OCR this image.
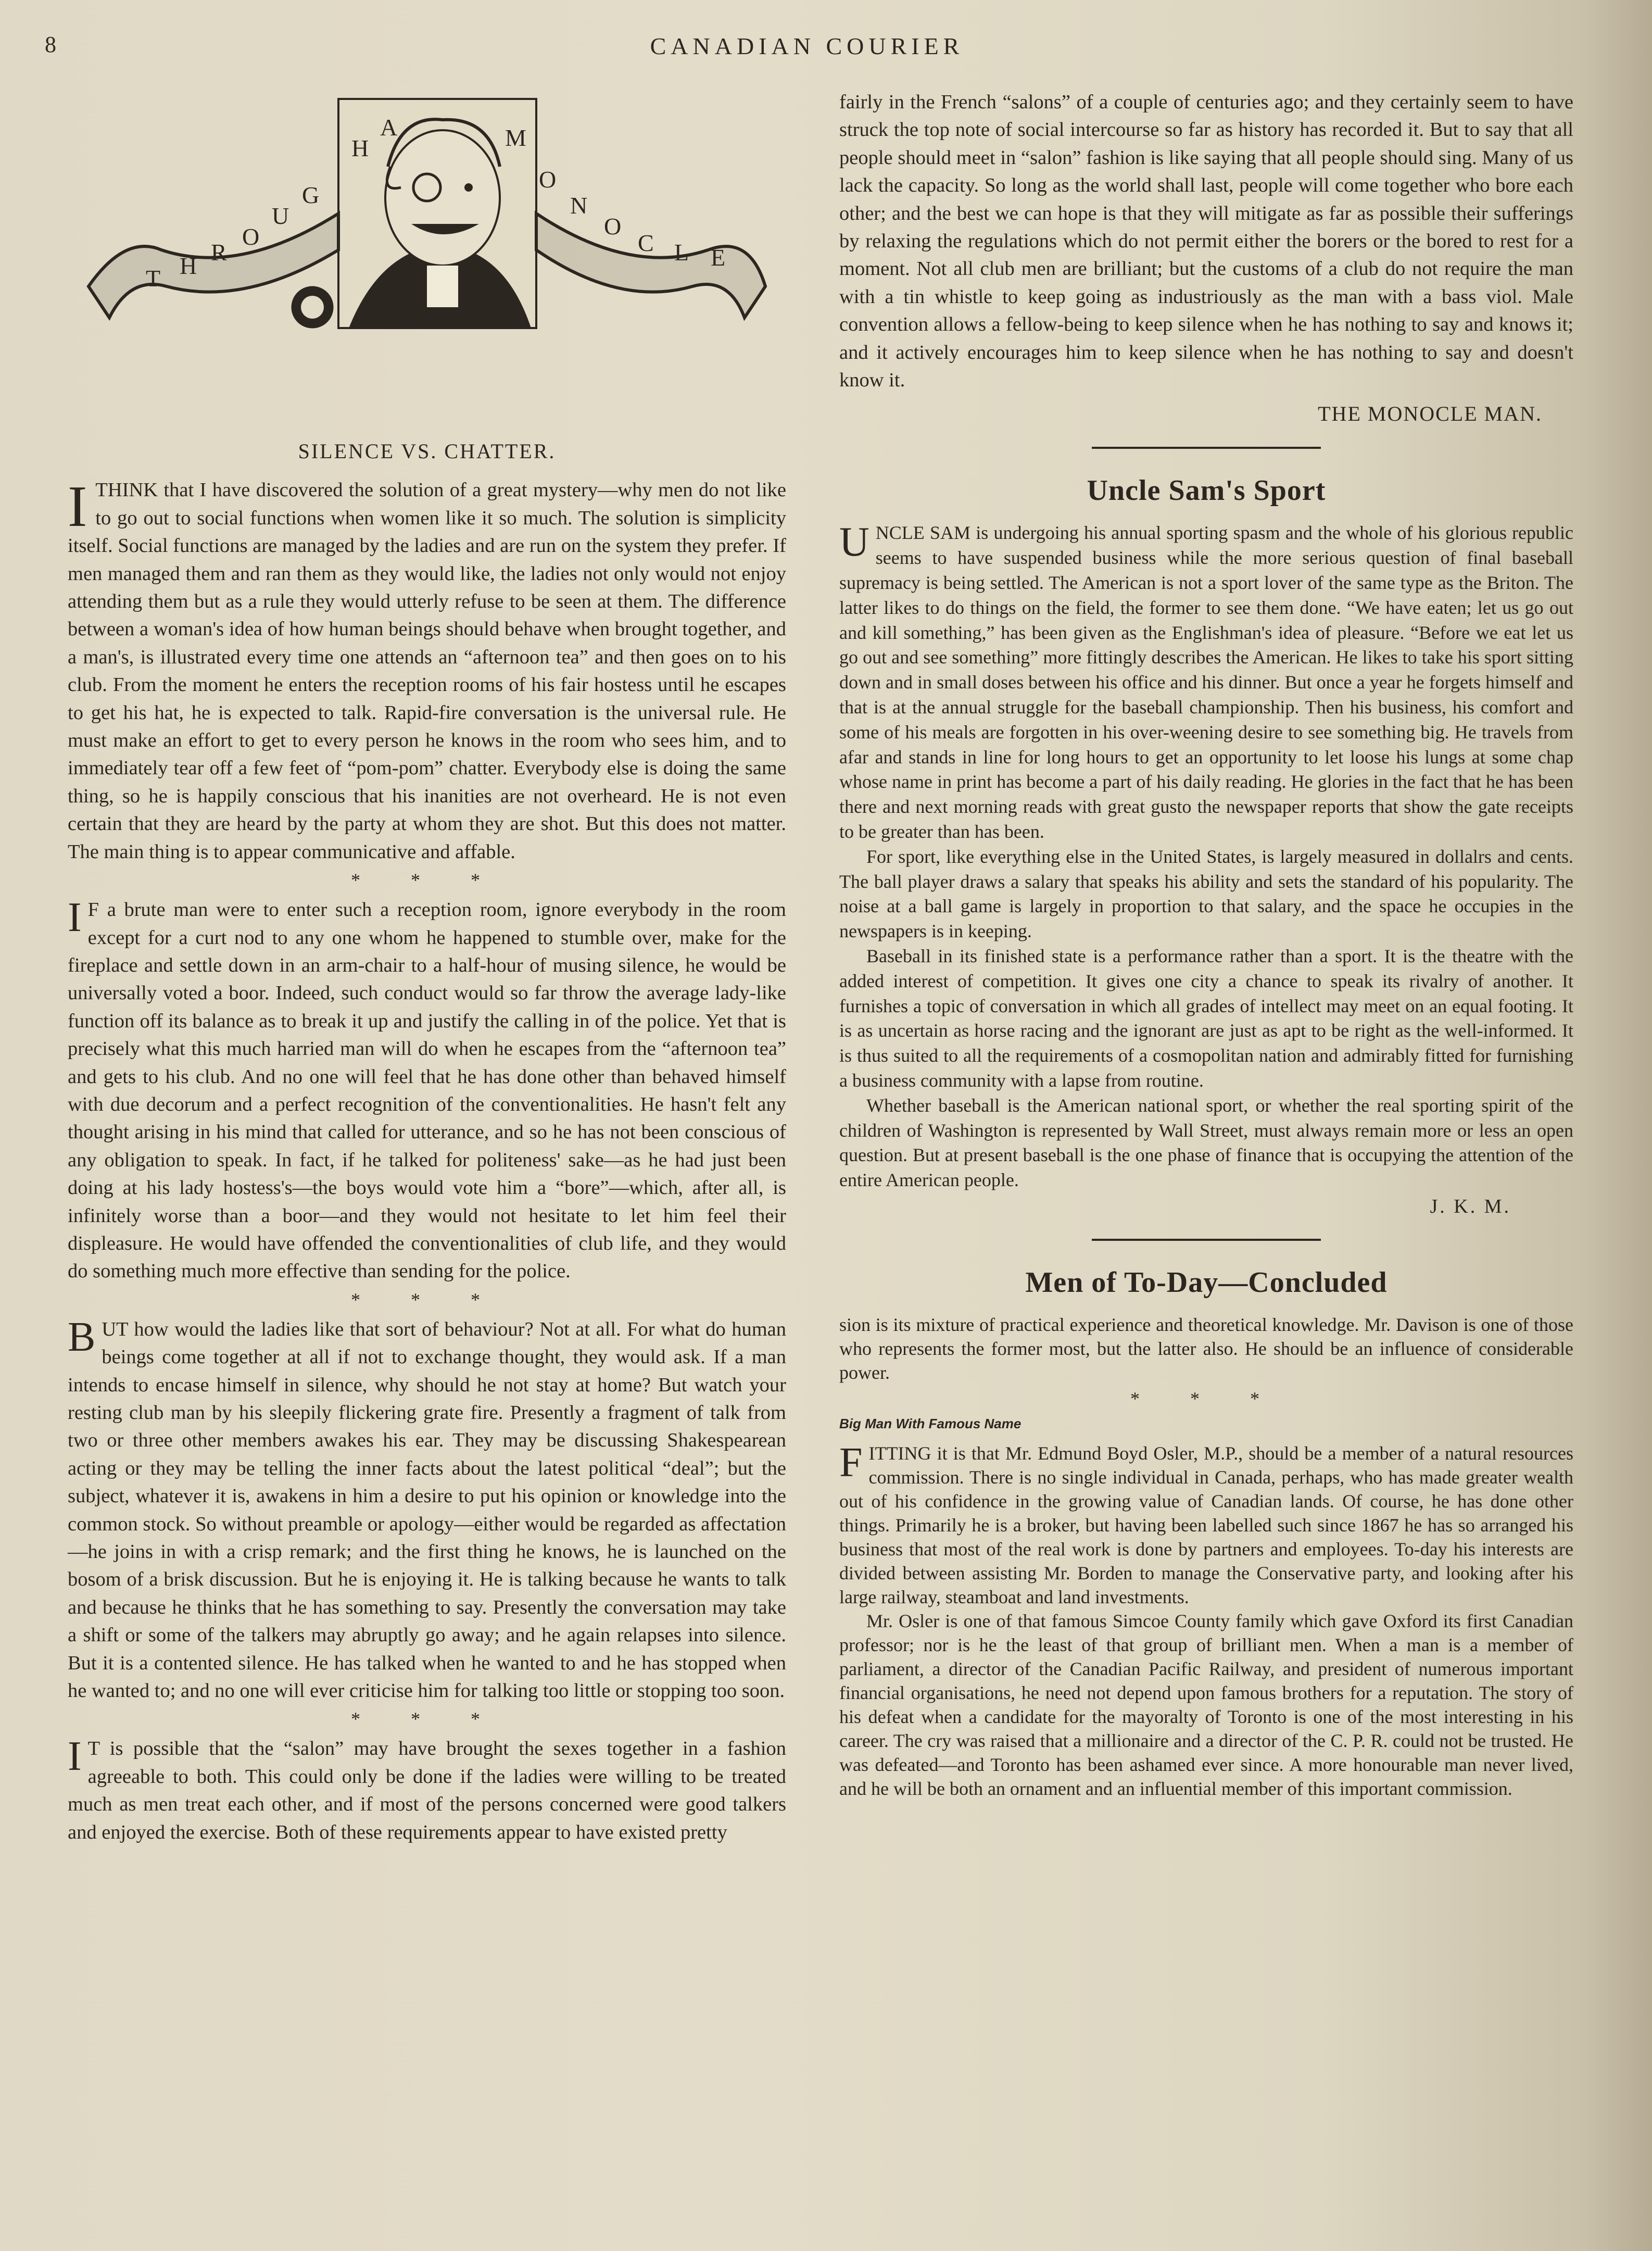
8	CANADIAN COURIER
T H
R
O
U
G
H
A	M
O
N
O
C L E
SILENCE VS. CHATTER.

ITHINK that I have discovered the solution of a great mystery—why men do not like to go out to social functions when women like it so much. The solution is simplicity itself. Social functions are managed by the ladies and are run on the system they prefer. If men managed them and ran them as they would like, the ladies not only would not enjoy attending them but as a rule they would utterly refuse to be seen at them. The difference between a woman's idea of how human beings should behave when brought together, and a man's, is illustrated every time one attends an “afternoon tea” and then goes on to his club. From the moment he enters the reception rooms of his fair hostess until he escapes to get his hat, he is expected to talk. Rapid-fire conversation is the universal rule. He must make an effort to get to every person he knows in the room who sees him, and to immediately tear off a few feet of “pom-pom” chatter. Everybody else is doing the same thing, so he is happily conscious that his inanities are not overheard. He is not even certain that they are heard by the party at whom they are shot. But this does not matter. The main thing is to appear communicative and affable.

* * *

I F a brute man were to enter such a reception room, ignore everybody in the room except for a curt nod to any one whom he happened to stumble over, make for the fireplace and settle down in an arm-chair to a half-hour of musing silence, he would be universally voted a boor. Indeed, such conduct would so far throw the average lady-like function off its balance as to break it up and justify the calling in of the police. Yet that is precisely what this much harried man will do when he escapes from the “afternoon tea” and gets to his club. And no one will feel that he has done other than behaved himself with due decorum and a perfect recognition of the conventionalities. He hasn't felt any thought arising in his mind that called for utterance, and so he has not been conscious of any obligation to speak. In fact, if he talked for politeness' sake—as he had just been doing at his lady hostess's—the boys would vote him a “bore”—which, after all, is infinitely worse than a boor—and they would not hesitate to let him feel their displeasure. He would have offended the conventionalities of club life, and they would do something much more effective than sending for the police.

* * *

BUT how would the ladies like that sort of behaviour? Not at all. For what do human beings come together at all if not to exchange thought, they would ask. If a man intends to encase himself in silence, why should he not stay at home? But watch your resting club man by his sleepily flickering grate fire. Presently a fragment of talk from two or three other members awakes his ear. They may be discussing Shakespearean acting or they may be telling the inner facts about the latest political “deal”; but the subject, whatever it is, awakens in him a desire to put his opinion or knowledge into the common stock. So without preamble or apology—either would be regarded as affectation—he joins in with a crisp remark; and the first thing he knows, he is launched on the bosom of a brisk discussion. But he is enjoying it. He is talking because he wants to talk and because he thinks that he has something to say. Presently the conversation may take a shift or some of the talkers may abruptly go away; and he again relapses into silence. But it is a contented silence. He has talked when he wanted to and he has stopped when he wanted to; and no one will ever criticise him for talking too little or stopping too soon.

* * *

I T is possible that the “salon” may have brought the sexes together in a fashion agreeable to both. This could only be done if the ladies were willing to be treated much as men treat each other, and if most of the persons concerned were good talkers and enjoyed the exercise. Both of these requirements appear to have existed pretty

fairly in the French “salons” of a couple of centuries ago; and they certainly seem to have struck the top note of social intercourse so far as history has recorded it. But to say that all people should meet in “salon” fashion is like saying that all people should sing. Many of us lack the capacity. So long as the world shall last, people will come together who bore each other; and the best we can hope is that they will mitigate as far as possible their sufferings by relaxing the regulations which do not permit either the borers or the bored to rest for a moment. Not all club men are brilliant; but the customs of a club do not require the man with a tin whistle to keep going as industriously as the man with a bass viol. Male convention allows a fellow-being to keep silence when he has nothing to say and knows it; and it actively encourages him to keep silence when he has nothing to say and doesn't know it.

THE MONOCLE MAN.
Uncle Sam's Sport

UNCLE SAM is undergoing his annual sporting spasm and the whole of his glorious republic seems to have suspended business while the more serious question of final baseball supremacy is being settled. The American is not a sport lover of the same type as the Briton. The latter likes to do things on the field, the former to see them done. “We have eaten; let us go out and kill something,” has been given as the Englishman's idea of pleasure. “Before we eat let us go out and see something” more fittingly describes the American. He likes to take his sport sitting down and in small doses between his office and his dinner. But once a year he forgets himself and that is at the annual struggle for the baseball championship. Then his business, his comfort and some of his meals are forgotten in his over-weening desire to see something big. He travels from afar and stands in line for long hours to get an opportunity to let loose his lungs at some chap whose name in print has become a part of his daily reading. He glories in the fact that he has been there and next morning reads with great gusto the newspaper reports that show the gate receipts to be greater than has been.

For sport, like everything else in the United States, is largely measured in dollalrs and cents. The ball player draws a salary that speaks his ability and sets the standard of his popularity. The noise at a ball game is largely in proportion to that salary, and the space he occupies in the newspapers is in keeping.

Baseball in its finished state is a performance rather than a sport. It is the theatre with the added interest of competition. It gives one city a chance to speak its rivalry of another. It furnishes a topic of conversation in which all grades of intellect may meet on an equal footing. It is as uncertain as horse racing and the ignorant are just as apt to be right as the well-informed. It is thus suited to all the requirements of a cosmopolitan nation and admirably fitted for furnishing a business community with a lapse from routine.

Whether baseball is the American national sport, or whether the real sporting spirit of the children of Washington is represented by Wall Street, must always remain more or less an open question. But at present baseball is the one phase of finance that is occupying the attention of the entire American people.

J. K. M.
Men of To-Day—Concluded

sion is its mixture of practical experience and theoretical knowledge. Mr. Davison is one of those who represents the former most, but the latter also. He should be an influence of considerable power.

* * *
Big Man With Famous Name

FITTING it is that Mr. Edmund Boyd Osler, M.P., should be a member of a natural resources commission. There is no single individual in Canada, perhaps, who has made greater wealth out of his confidence in the growing value of Canadian lands. Of course, he has done other things. Primarily he is a broker, but having been labelled such since 1867 he has so arranged his business that most of the real work is done by partners and employees. To-day his interests are divided between assisting Mr. Borden to manage the Conservative party, and looking after his large railway, steamboat and land investments.

Mr. Osler is one of that famous Simcoe County family which gave Oxford its first Canadian professor; nor is he the least of that group of brilliant men. When a man is a member of parliament, a director of the Canadian Pacific Railway, and president of numerous important financial organisations, he need not depend upon famous brothers for a reputation. The story of his defeat when a candidate for the mayoralty of Toronto is one of the most interesting in his career. The cry was raised that a millionaire and a director of the C. P. R. could not be trusted. He was defeated—and Toronto has been ashamed ever since. A more honourable man never lived, and he will be both an ornament and an influential member of this important commission.
